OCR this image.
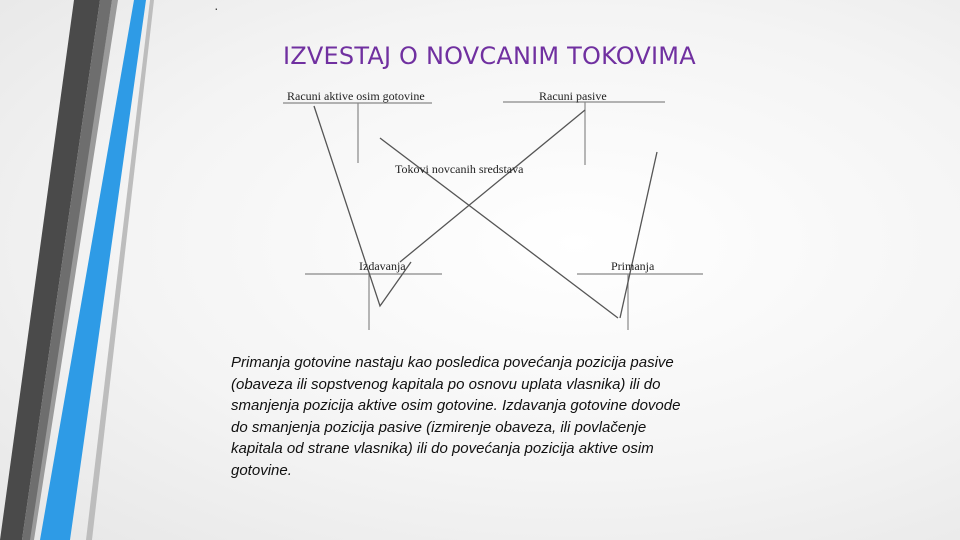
·
IZVESTAJ O NOVCANIM TOKOVIMA
Racuni aktive osim gotovine	Racuni pasive
Tokovi novcanih sredstava
Izdavanja	Primanja
Primanja gotovine nastaju kao posledica povećanja pozicija pasive
(obaveza ili sopstvenog kapitala po osnovu uplata vlasnika) ili do
smanjenja pozicija aktive osim gotovine. Izdavanja gotovine dovode
do smanjenja pozicija pasive (izmirenje obaveza, ili povlačenje
kapitala od strane vlasnika) ili do povećanja pozicija aktive osim
gotovine.
